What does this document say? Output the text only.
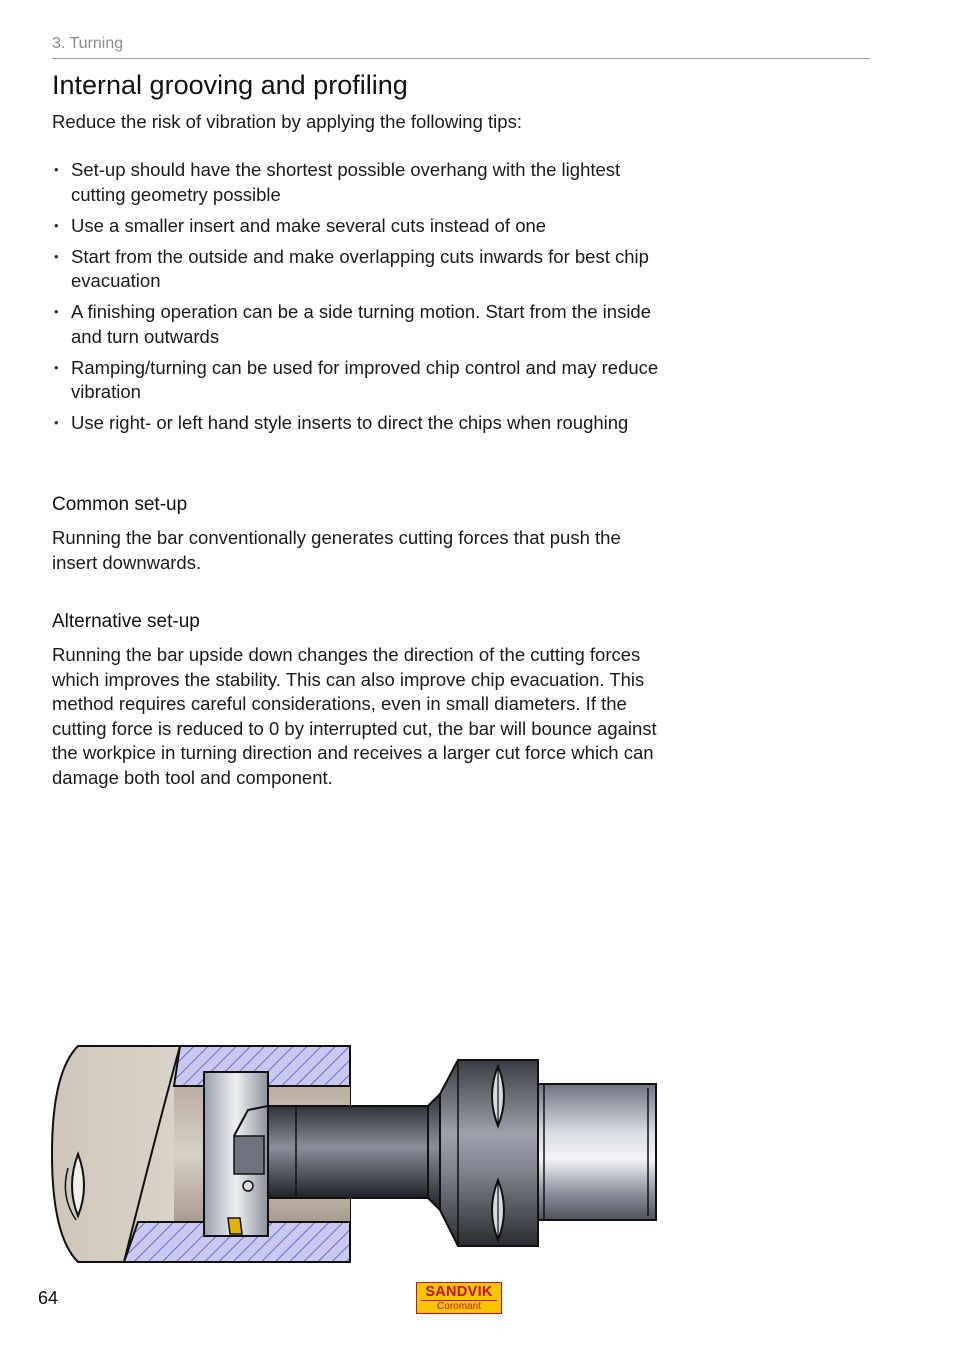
3. Turning
Internal grooving and profiling

Reduce the risk of vibration by applying the following tips:

• Set-up should have the shortest possible overhang with the lightest cutting geometry possible
• Use a smaller insert and make several cuts instead of one
• Start from the outside and make overlapping cuts inwards for best chip evacuation
• A finishing operation can be a side turning motion. Start from the inside and turn outwards
• Ramping/turning can be used for improved chip control and may reduce vibration
• Use right- or left hand style inserts to direct the chips when roughing
Common set-up

Running the bar conventionally generates cutting forces that push the insert downwards.

Alternative set-up

Running the bar upside down changes the direction of the cutting forces which improves the stability. This can also improve chip evacuation. This method requires careful considerations, even in small diameters. If the cutting force is reduced to 0 by interrupted cut, the bar will bounce against the workpice in turning direction and receives a larger cut force which can damage both tool and component.

64	SANDVIK
Coromant
